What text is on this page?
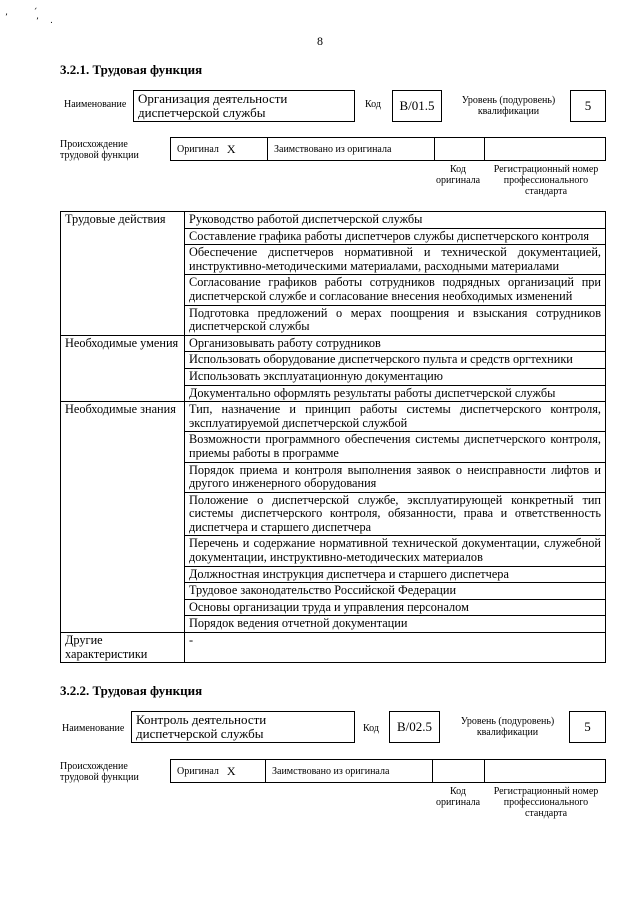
ʼ	´
ʼ .
8
3.2.1. Трудовая функция
Наименование Организация деятельности диспетчерской службы
Код	B/01.5	Уровень (подуровень) квалификации	5
Происхождение трудовой функции
Оригинал Х	Заимствовано из оригинала
Код оригинала
Регистрационный номер профессионального стандарта
Трудовые действия	Руководство работой диспетчерской службы
	Составление графика работы диспетчеров службы диспетчерского контроля
	Обеспечение диспетчеров нормативной и технической документацией, инструктивно-методическими материалами, расходными материалами
	Согласование графиков работы сотрудников подрядных организаций при диспетчерской службе и согласование внесения необходимых изменений
	Подготовка предложений о мерах поощрения и взыскания сотрудников диспетчерской службы
Необходимые умения	Организовывать работу сотрудников
	Использовать оборудование диспетчерского пульта и средств оргтехники
	Использовать эксплуатационную документацию
	Документально оформлять результаты работы диспетчерской службы
Необходимые знания	Тип, назначение и принцип работы системы диспетчерского контроля, эксплуатируемой диспетчерской службой
	Возможности программного обеспечения системы диспетчерского контроля, приемы работы в программе
	Порядок приема и контроля выполнения заявок о неисправности лифтов и другого инженерного оборудования
	Положение о диспетчерской службе, эксплуатирующей конкретный тип системы диспетчерского контроля, обязанности, права и ответственность диспетчера и старшего диспетчера
	Перечень и содержание нормативной технической документации, служебной документации, инструктивно-методических материалов
	Должностная инструкция диспетчера и старшего диспетчера
	Трудовое законодательство Российской Федерации
	Основы организации труда и управления персоналом
	Порядок ведения отчетной документации
Другие характеристики	-
3.2.2. Трудовая функция
Наименование
Контроль деятельности диспетчерской службы	Код	B/02.5	Уровень (подуровень) квалификации	5
Происхождение трудовой функции
Оригинал Х	Заимствовано из оригинала
Код оригинала
Регистрационный номер профессионального стандарта
